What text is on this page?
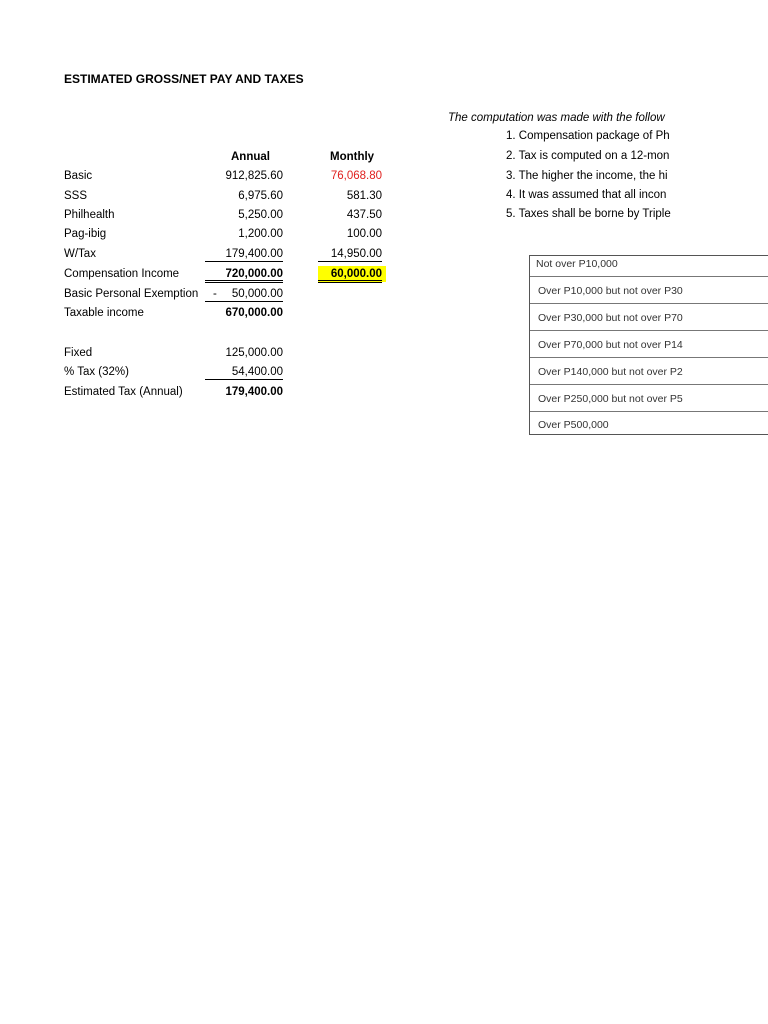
ESTIMATED GROSS/NET PAY AND TAXES
Annual	Monthly
Basic	912,825.60	76,068.80
SSS	6,975.60	581.30
Philhealth	5,250.00	437.50
Pag-ibig	1,200.00	100.00
W/Tax	179,400.00	14,950.00
Compensation Income	720,000.00	60,000.00
Basic Personal Exemption -	50,000.00
Taxable income	670,000.00
Fixed	125,000.00
% Tax (32%)	54,400.00
Estimated Tax (Annual)	179,400.00
The computation was made with the follow
1. Compensation package of Ph
2. Tax is computed on a 12-mon
3. The higher the income, the hi
4. It was assumed that all incon
5. Taxes shall be borne by Triple
Not over P10,000
Over P10,000 but not over P30
Over P30,000 but not over P70
Over P70,000 but not over P14
Over P140,000 but not over P2
Over P250,000 but not over P5
Over P500,000
